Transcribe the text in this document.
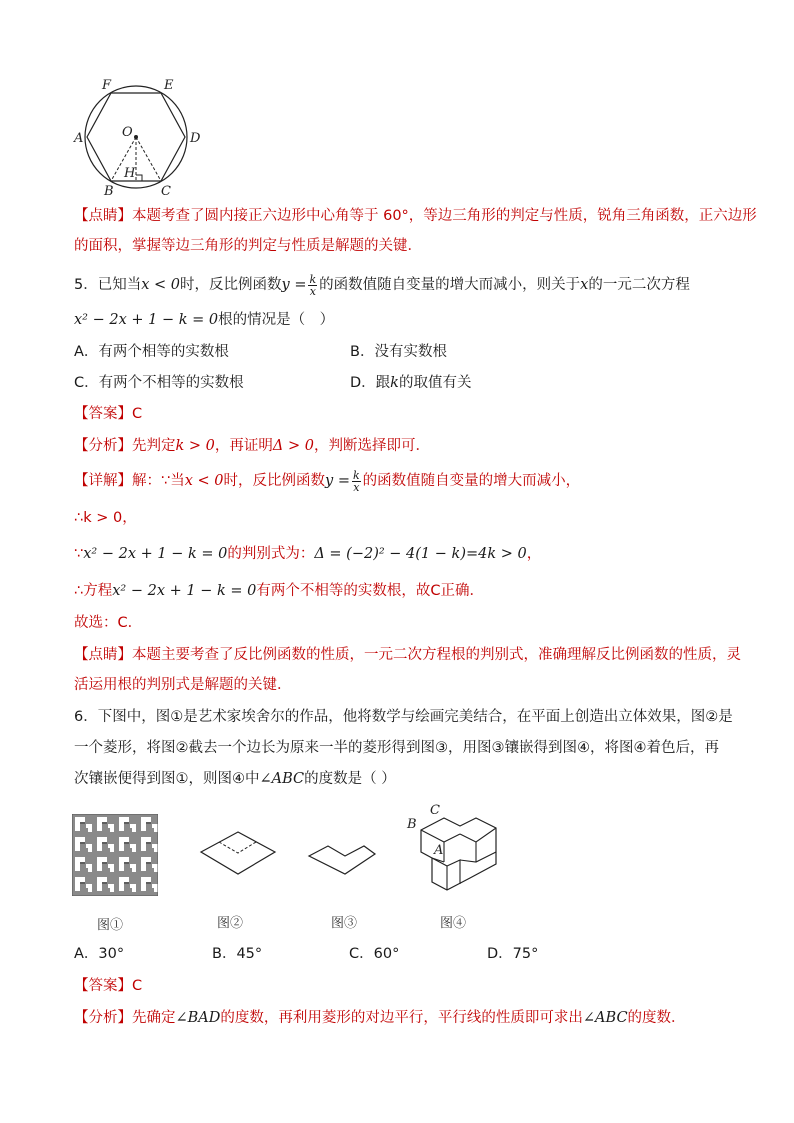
F	E
A	O	D
H
B	C
【点睛】本题考查了圆内接正六边形中心角等于 60°，等边三角形的判定与性质，锐角三角函数，正六边形
的面积，掌握等边三角形的判定与性质是解题的关键．
5．已知当x < 0时，反比例函数$y = \frac{k}{x}$ 的函数值随自变量的增大而减小，则关于x的一元二次方程
x² − 2x + 1 − k = 0根的情况是（　）
A．有两个相等的实数根	B．没有实数根
C．有两个不相等的实数根	D．跟k的取值有关
【答案】C
【分析】先判定k > 0，再证明Δ > 0，判断选择即可．
【详解】解：∵当x < 0时，反比例函数$y = \frac{k}{x}$ 的函数值随自变量的增大而减小，
∴k > 0，
∵x² − 2x + 1 − k = 0的判别式为：Δ = (−2)² − 4(1 − k)=4k > 0，
∴方程x² − 2x + 1 − k = 0有两个不相等的实数根，故C正确．
故选：C．
【点睛】本题主要考查了反比例函数的性质，一元二次方程根的判别式，准确理解反比例函数的性质，灵
活运用根的判别式是解题的关键．
6．下图中，图①是艺术家埃舍尔的作品，他将数学与绘画完美结合，在平面上创造出立体效果，图②是
一个菱形，将图②截去一个边长为原来一半的菱形得到图③，用图③镶嵌得到图④，将图④着色后，再
次镶嵌便得到图①，则图④中∠ABC的度数是（ ）
图①	图②	图③
C
B
A
图④
A．30°	B．45°	C．60°	D．75°
【答案】C
【分析】先确定∠BAD的度数，再利用菱形的对边平行，平行线的性质即可求出∠ABC的度数．
